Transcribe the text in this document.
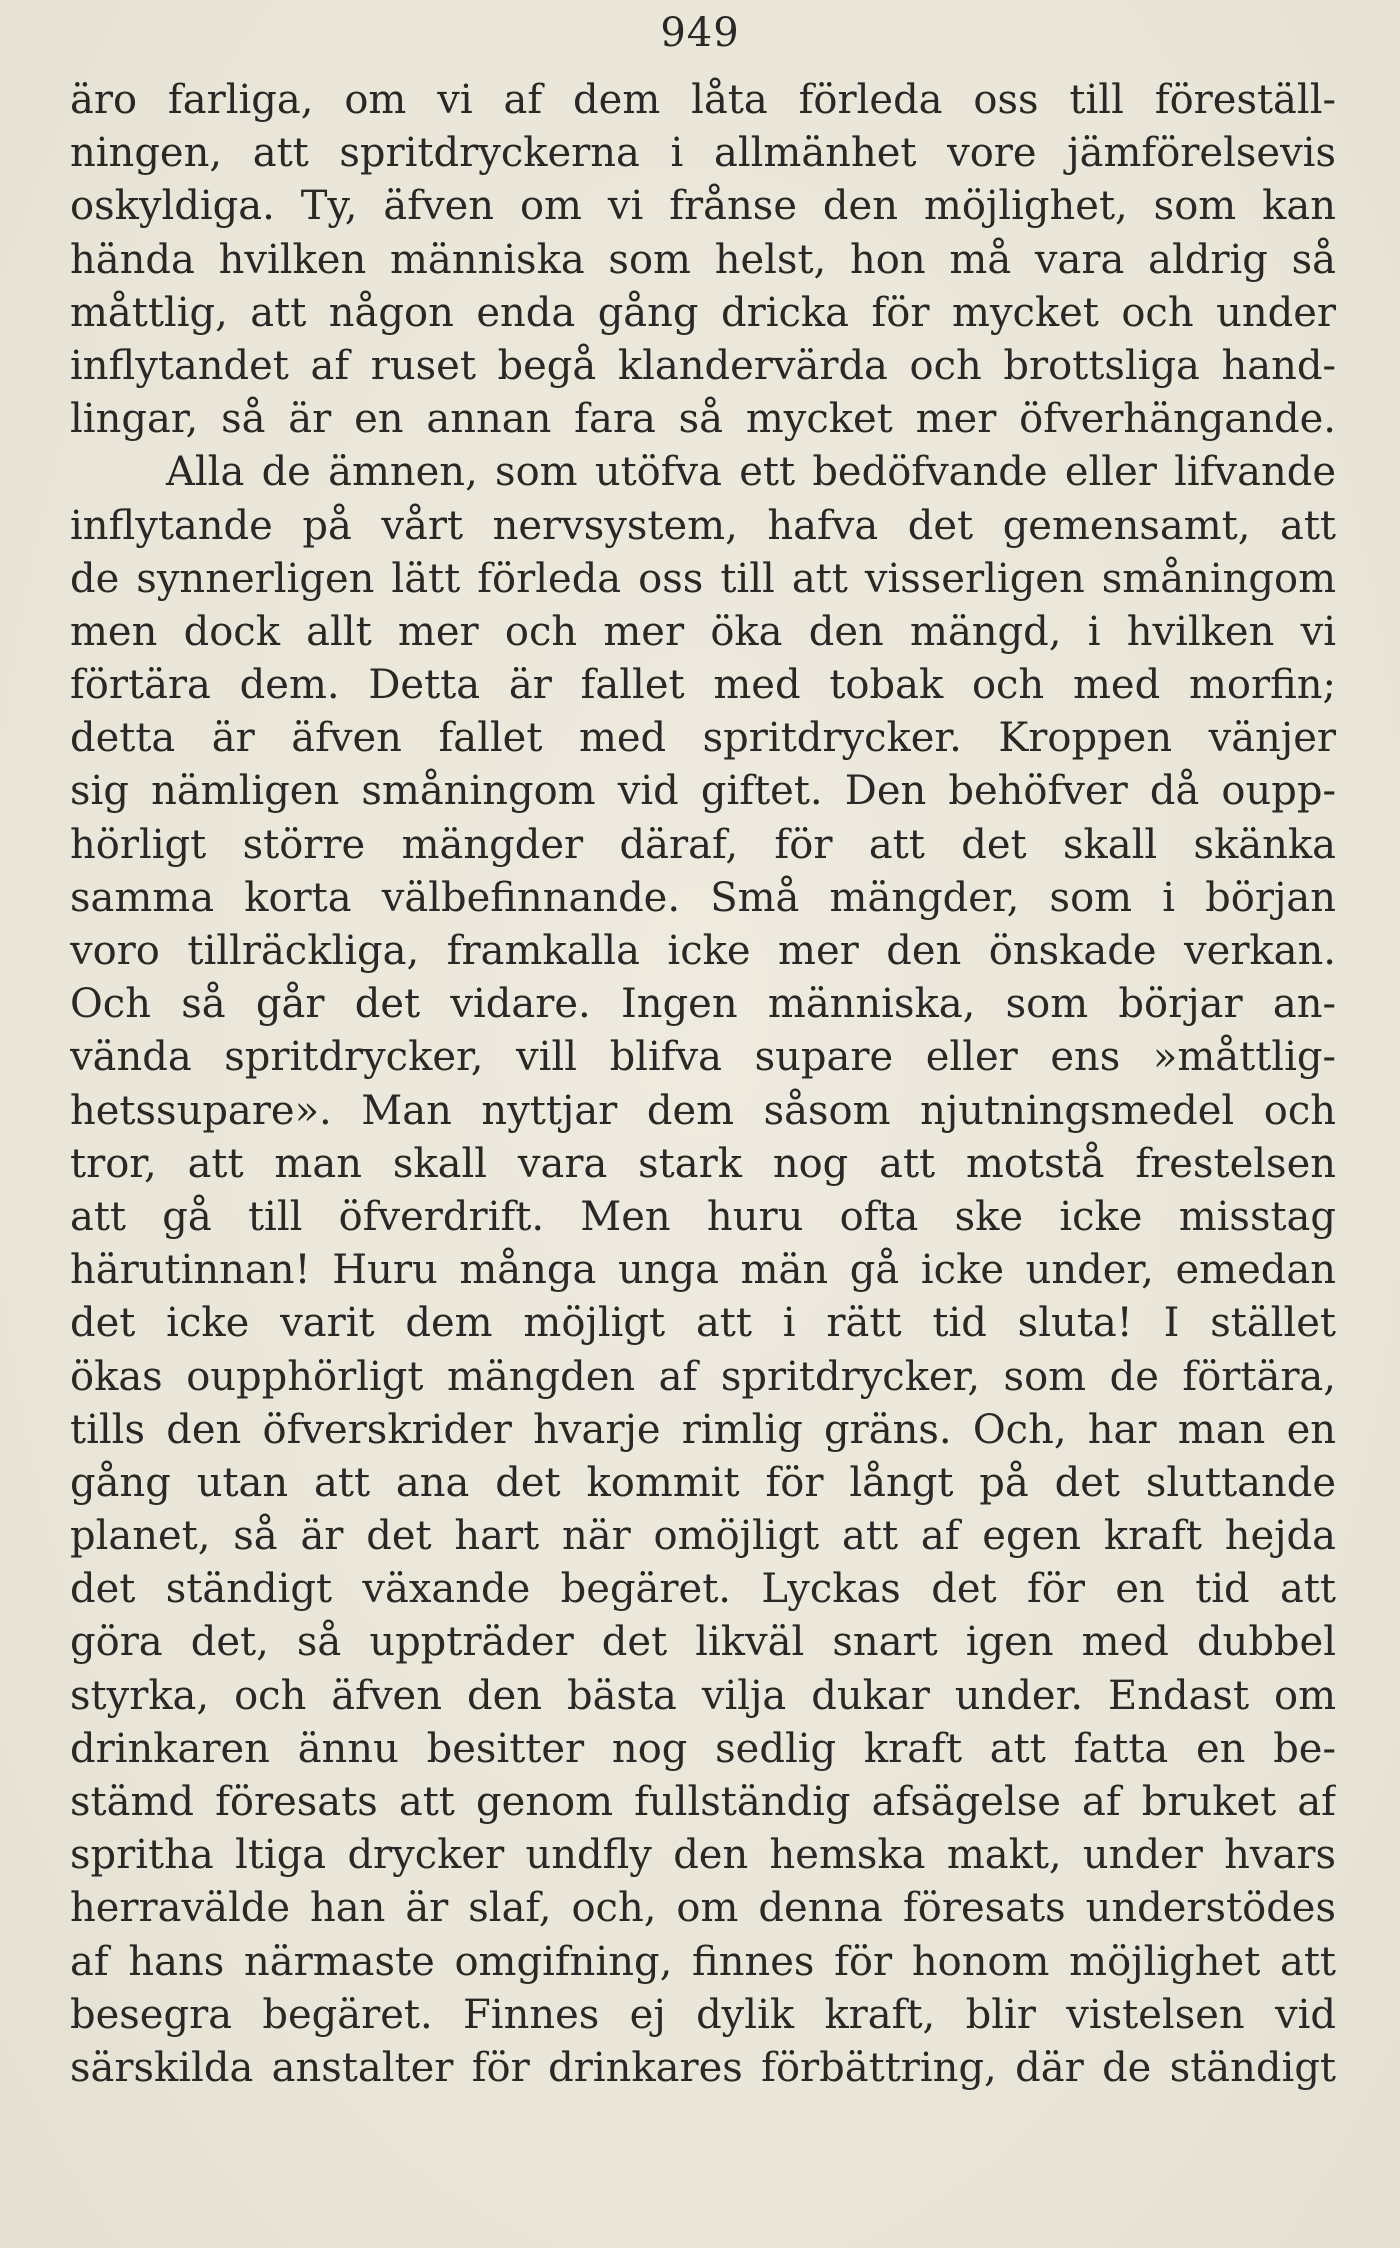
949
äro farliga, om vi af dem låta förleda oss till föreställ-
ningen, att spritdryckerna i allmänhet vore jämförelsevis
oskyldiga. Ty, äfven om vi frånse den möjlighet, som kan
hända hvilken människa som helst, hon må vara aldrig så
måttlig, att någon enda gång dricka för mycket och under
inflytandet af ruset begå klandervärda och brottsliga hand-
lingar, så är en annan fara så mycket mer öfverhängande.
Alla de ämnen, som utöfva ett bedöfvande eller lifvande
inflytande på vårt nervsystem, hafva det gemensamt, att
de synnerligen lätt förleda oss till att visserligen småningom
men dock allt mer och mer öka den mängd, i hvilken vi
förtära dem. Detta är fallet med tobak och med morfin;
detta är äfven fallet med spritdrycker. Kroppen vänjer
sig nämligen småningom vid giftet. Den behöfver då oupp-
hörligt större mängder däraf, för att det skall skänka
samma korta välbefinnande. Små mängder, som i början
voro tillräckliga, framkalla icke mer den önskade verkan.
Och så går det vidare. Ingen människa, som börjar an-
vända spritdrycker, vill blifva supare eller ens »måttlig-
hetssupare». Man nyttjar dem såsom njutningsmedel och
tror, att man skall vara stark nog att motstå frestelsen
att gå till öfverdrift. Men huru ofta ske icke misstag
härutinnan! Huru många unga män gå icke under, emedan
det icke varit dem möjligt att i rätt tid sluta! I stället
ökas oupphörligt mängden af spritdrycker, som de förtära,
tills den öfverskrider hvarje rimlig gräns. Och, har man en
gång utan att ana det kommit för långt på det sluttande
planet, så är det hart när omöjligt att af egen kraft hejda
det ständigt växande begäret. Lyckas det för en tid att
göra det, så uppträder det likväl snart igen med dubbel
styrka, och äfven den bästa vilja dukar under. Endast om
drinkaren ännu besitter nog sedlig kraft att fatta en be-
stämd föresats att genom fullständig afsägelse af bruket af
spritha ltiga drycker undfly den hemska makt, under hvars
herravälde han är slaf, och, om denna föresats understödes
af hans närmaste omgifning, finnes för honom möjlighet att
besegra begäret. Finnes ej dylik kraft, blir vistelsen vid
särskilda anstalter för drinkares förbättring, där de ständigt
